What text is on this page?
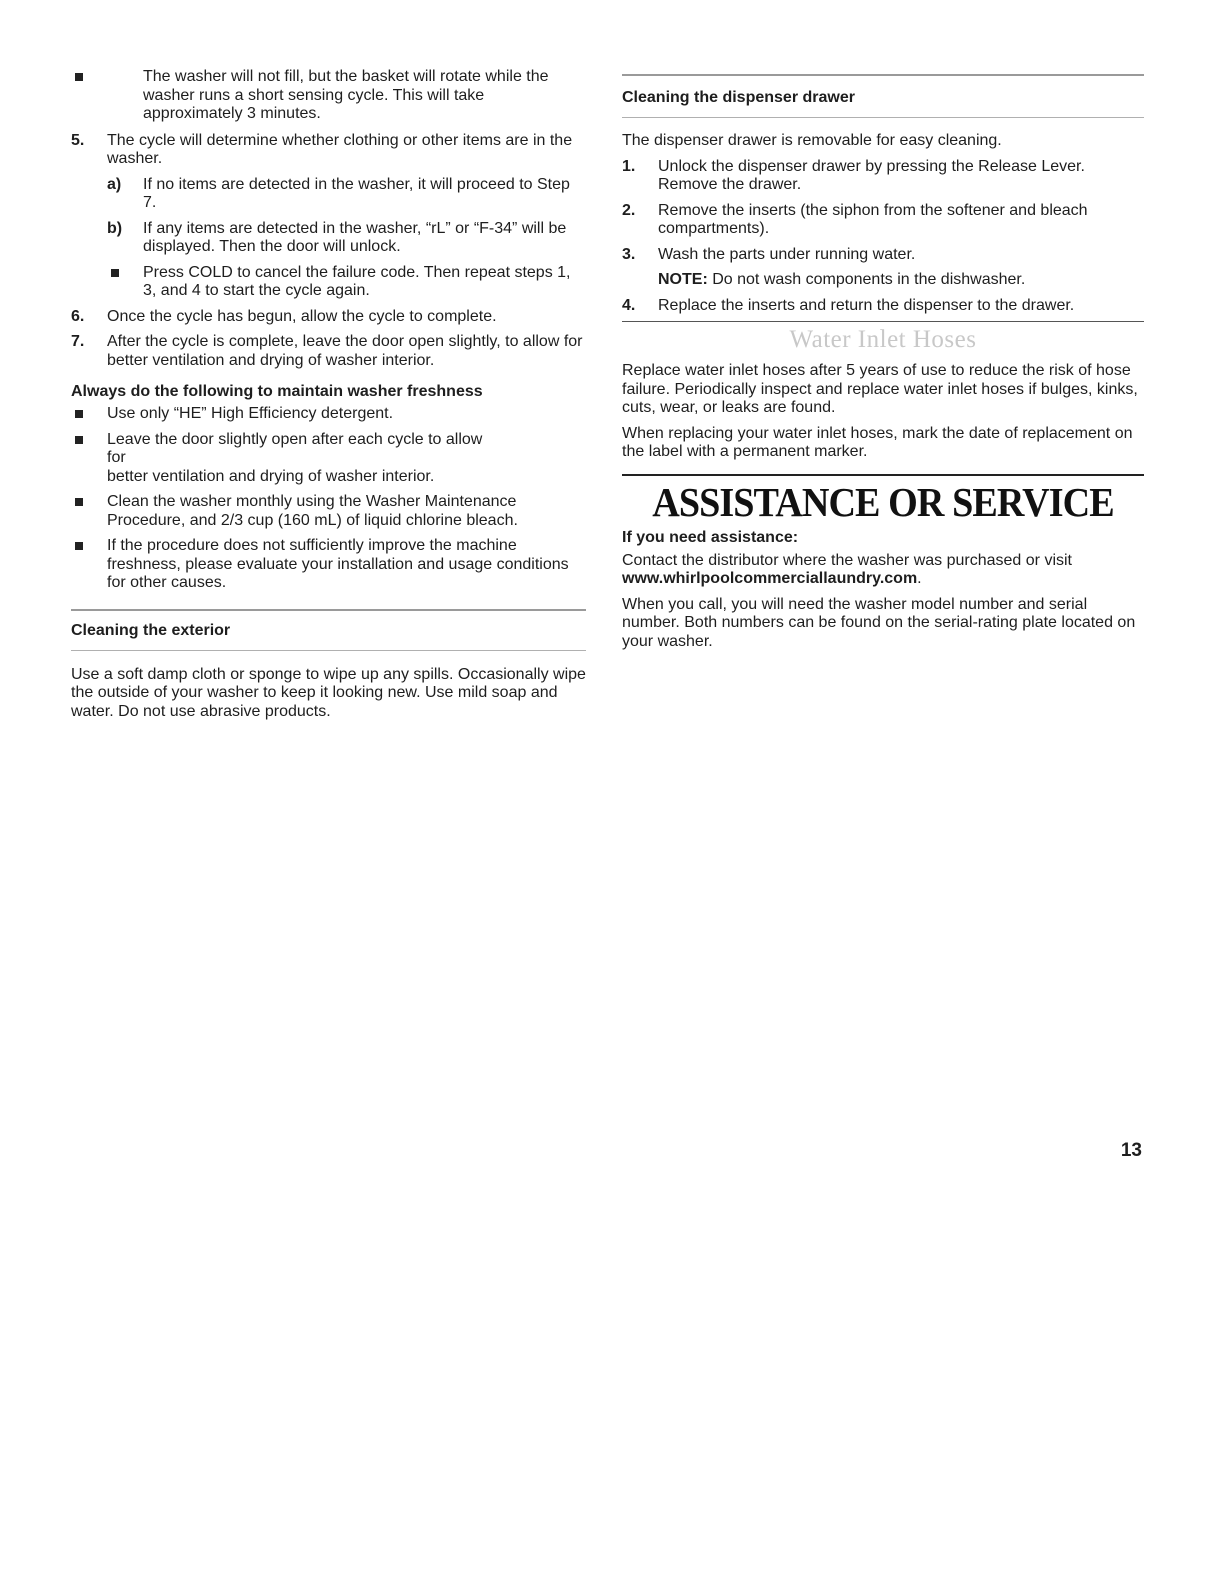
The washer will not fill, but the basket will rotate while the washer runs a short sensing cycle. This will take approximately 3 minutes.

5. The cycle will determine whether clothing or other items are in the washer.

a) If no items are detected in the washer, it will proceed to Step 7.

b) If any items are detected in the washer, “rL” or “F-34” will be displayed. Then the door will unlock.

Press COLD to cancel the failure code. Then repeat steps 1, 3, and 4 to start the cycle again.

6. Once the cycle has begun, allow the cycle to complete.

7. After the cycle is complete, leave the door open slightly, to allow for better ventilation and drying of washer interior.

Always do the following to maintain washer freshness

Use only “HE” High Efficiency detergent.

Leave the door slightly open after each cycle to allow
for
better ventilation and drying of washer interior.

Clean the washer monthly using the Washer Maintenance Procedure, and 2/3 cup (160 mL) of liquid chlorine bleach.

If the procedure does not sufficiently improve the machine freshness, please evaluate your installation and usage conditions for other causes.

Cleaning the exterior

Use a soft damp cloth or sponge to wipe up any spills. Occasionally wipe the outside of your washer to keep it looking new. Use mild soap and water. Do not use abrasive products.

Cleaning the dispenser drawer

The dispenser drawer is removable for easy cleaning.

1. Unlock the dispenser drawer by pressing the Release Lever. Remove the drawer.

2. Remove the inserts (the siphon from the softener and bleach compartments).

3. Wash the parts under running water.

NOTE: Do not wash components in the dishwasher.

4. Replace the inserts and return the dispenser to the drawer.

Water Inlet Hoses

Replace water inlet hoses after 5 years of use to reduce the risk of hose failure. Periodically inspect and replace water inlet hoses if bulges, kinks, cuts, wear, or leaks are found.

When replacing your water inlet hoses, mark the date of replacement on the label with a permanent marker.

ASSISTANCE OR SERVICE

If you need assistance:

Contact the distributor where the washer was purchased or visit
www.whirlpoolcommerciallaundry.com.

When you call, you will need the washer model number and serial number. Both numbers can be found on the serial-rating plate located on your washer.

13
